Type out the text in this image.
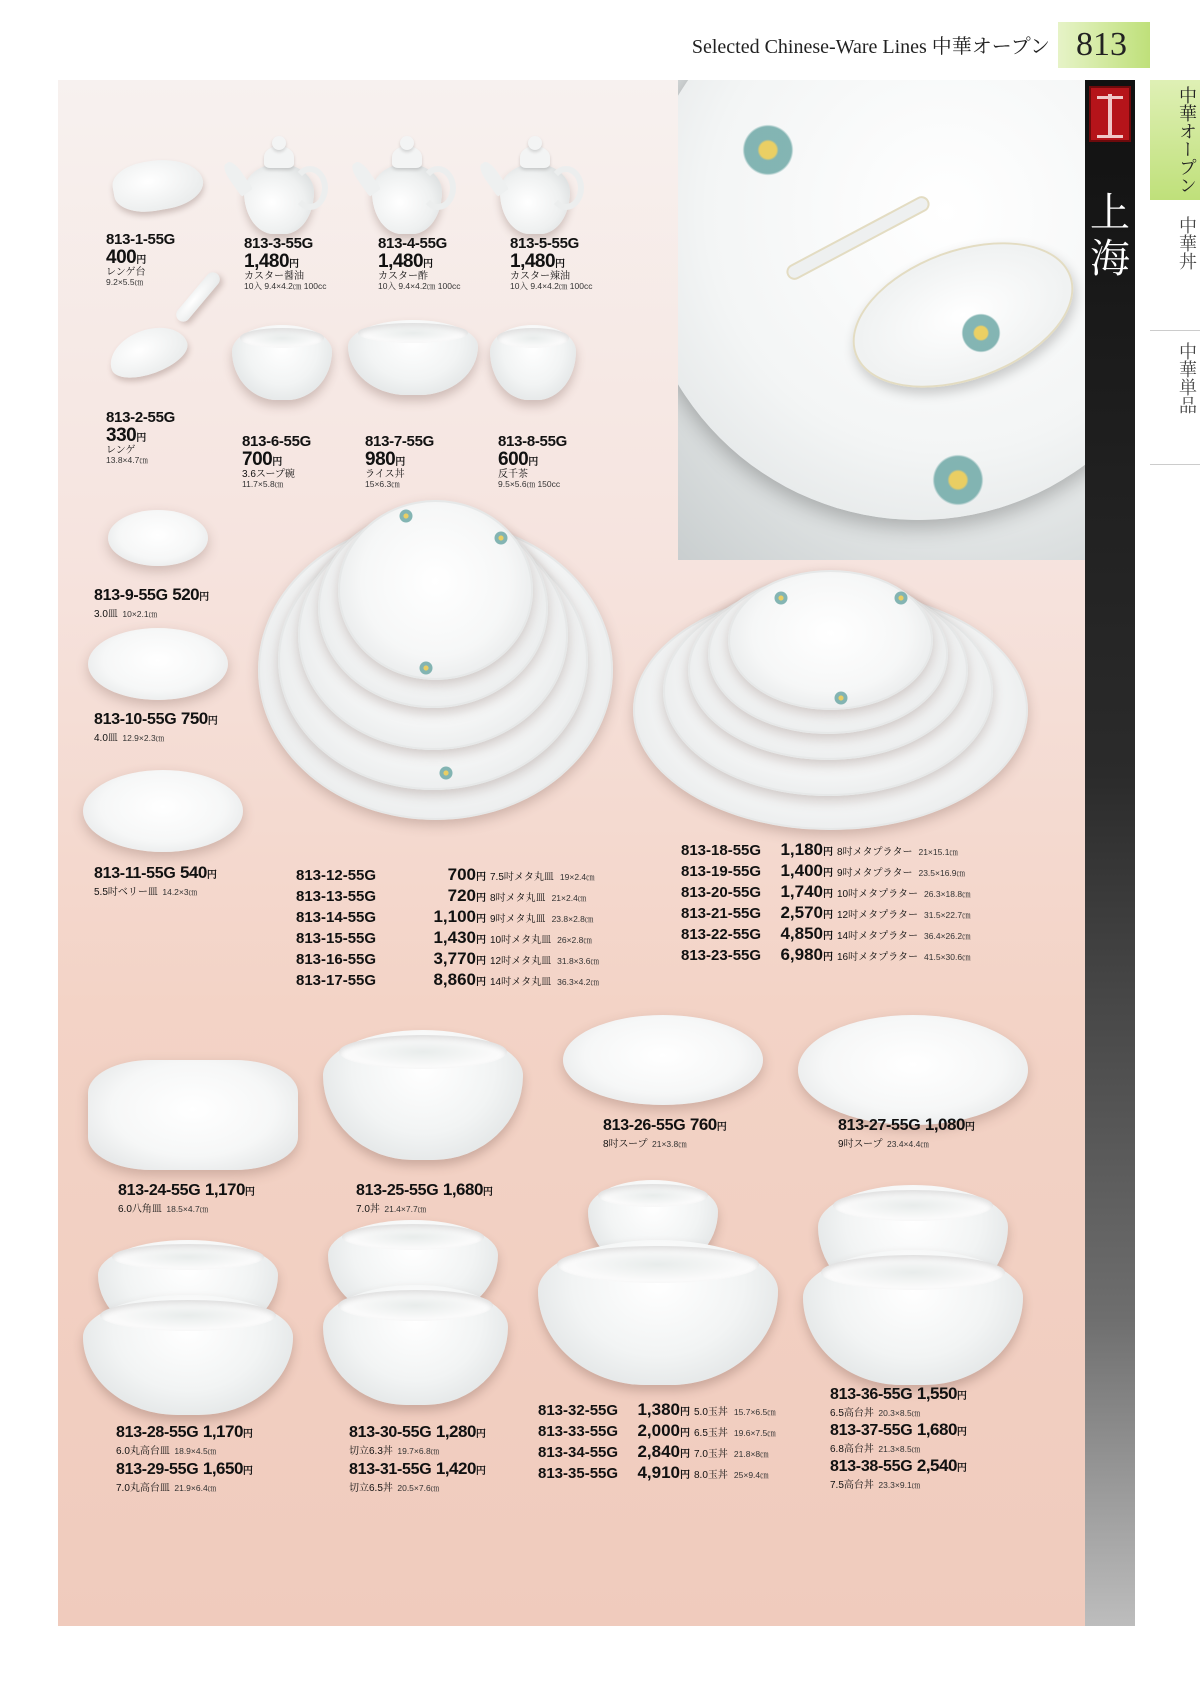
Selected Chinese-Ware Lines 中華オープン 813
813-1-55G
400円
レンゲ台
9.2×5.5㎝
813-2-55G
330円
レンゲ
13.8×4.7㎝
813-3-55G
1,480円
カスター醤油
10入 9.4×4.2㎝ 100cc
813-4-55G
1,480円
カスター酢
10入 9.4×4.2㎝ 100cc
813-5-55G
1,480円
カスター辣油
10入 9.4×4.2㎝ 100cc
813-6-55G
700円
3.6スープ碗
11.7×5.8㎝
813-7-55G
980円
ライス丼
15×6.3㎝
813-8-55G
600円
反千茶
9.5×5.6㎝ 150cc
813-9-55G 520円
3.0皿 10×2.1㎝
813-10-55G 750円
4.0皿 12.9×2.3㎝
813-11-55G 540円
5.5吋ベリー皿 14.2×3㎝
813-12-55G	700円 7.5吋メタ丸皿 19×2.4㎝
813-13-55G	720円 8吋メタ丸皿 21×2.4㎝
813-14-55G	1,100円 9吋メタ丸皿 23.8×2.8㎝
813-15-55G	1,430円 10吋メタ丸皿 26×2.8㎝
813-16-55G	3,770円 12吋メタ丸皿 31.8×3.6㎝
813-17-55G	8,860円 14吋メタ丸皿 36.3×4.2㎝
813-18-55G 1,180円 8吋メタプラター 21×15.1㎝
813-19-55G 1,400円 9吋メタプラター 23.5×16.9㎝
813-20-55G 1,740円 10吋メタプラター 26.3×18.8㎝
813-21-55G 2,570円 12吋メタプラター 31.5×22.7㎝
813-22-55G 4,850円 14吋メタプラター 36.4×26.2㎝
813-23-55G 6,980円 16吋メタプラター 41.5×30.6㎝
813-24-55G 1,170円
6.0八角皿 18.5×4.7㎝
813-25-55G 1,680円
7.0丼 21.4×7.7㎝
813-26-55G 760円
8吋スープ 21×3.8㎝
813-27-55G 1,080円
9吋スープ 23.4×4.4㎝
813-28-55G 1,170円
6.0丸高台皿 18.9×4.5㎝
813-29-55G 1,650円
7.0丸高台皿 21.9×6.4㎝
813-30-55G 1,280円
切立6.3丼 19.7×6.8㎝
813-31-55G 1,420円
切立6.5丼 20.5×7.6㎝
813-32-55G 1,380円 5.0玉丼 15.7×6.5㎝
813-33-55G 2,000円 6.5玉丼 19.6×7.5㎝
813-34-55G 2,840円 7.0玉丼 21.8×8㎝
813-35-55G 4,910円 8.0玉丼 25×9.4㎝
813-36-55G 1,550円
6.5高台丼 20.3×8.5㎝
813-37-55G 1,680円
6.8高台丼 21.3×8.5㎝
813-38-55G 2,540円
7.5高台丼 23.3×9.1㎝
上海
中華オープン
中華丼
中華単品
